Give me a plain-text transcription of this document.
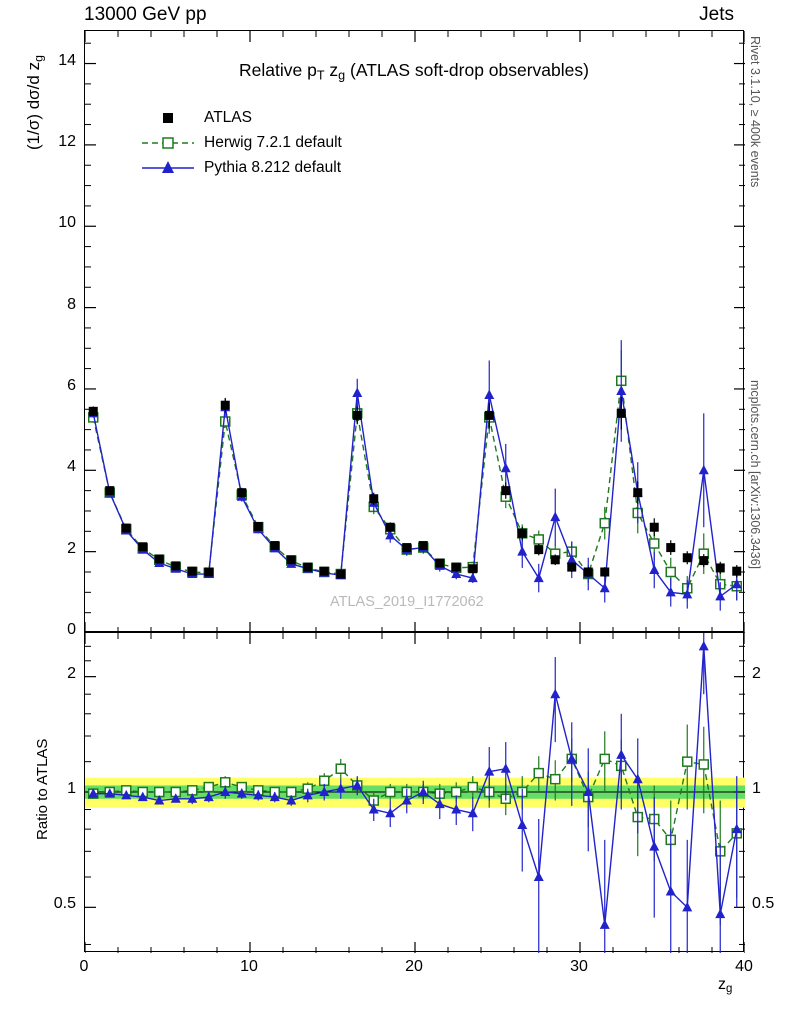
13000 GeV pp	Jets
Rivet 3.1.10, ≥ 400k events
mcplots.cern.ch [arXiv:1306.3436]
(1/σ) dσ/d $z_g$
Ratio to ATLAS
$z_g$
Relative $p_T$ $z_g$ (ATLAS soft-drop observables)
ATLAS
Herwig 7.2.1 default
Pythia 8.212 default
ATLAS_2019_I1772062
0	10	20	30	40
0
2
4
6
8
10
12
14
0.5	0.5
1	1
2	2
